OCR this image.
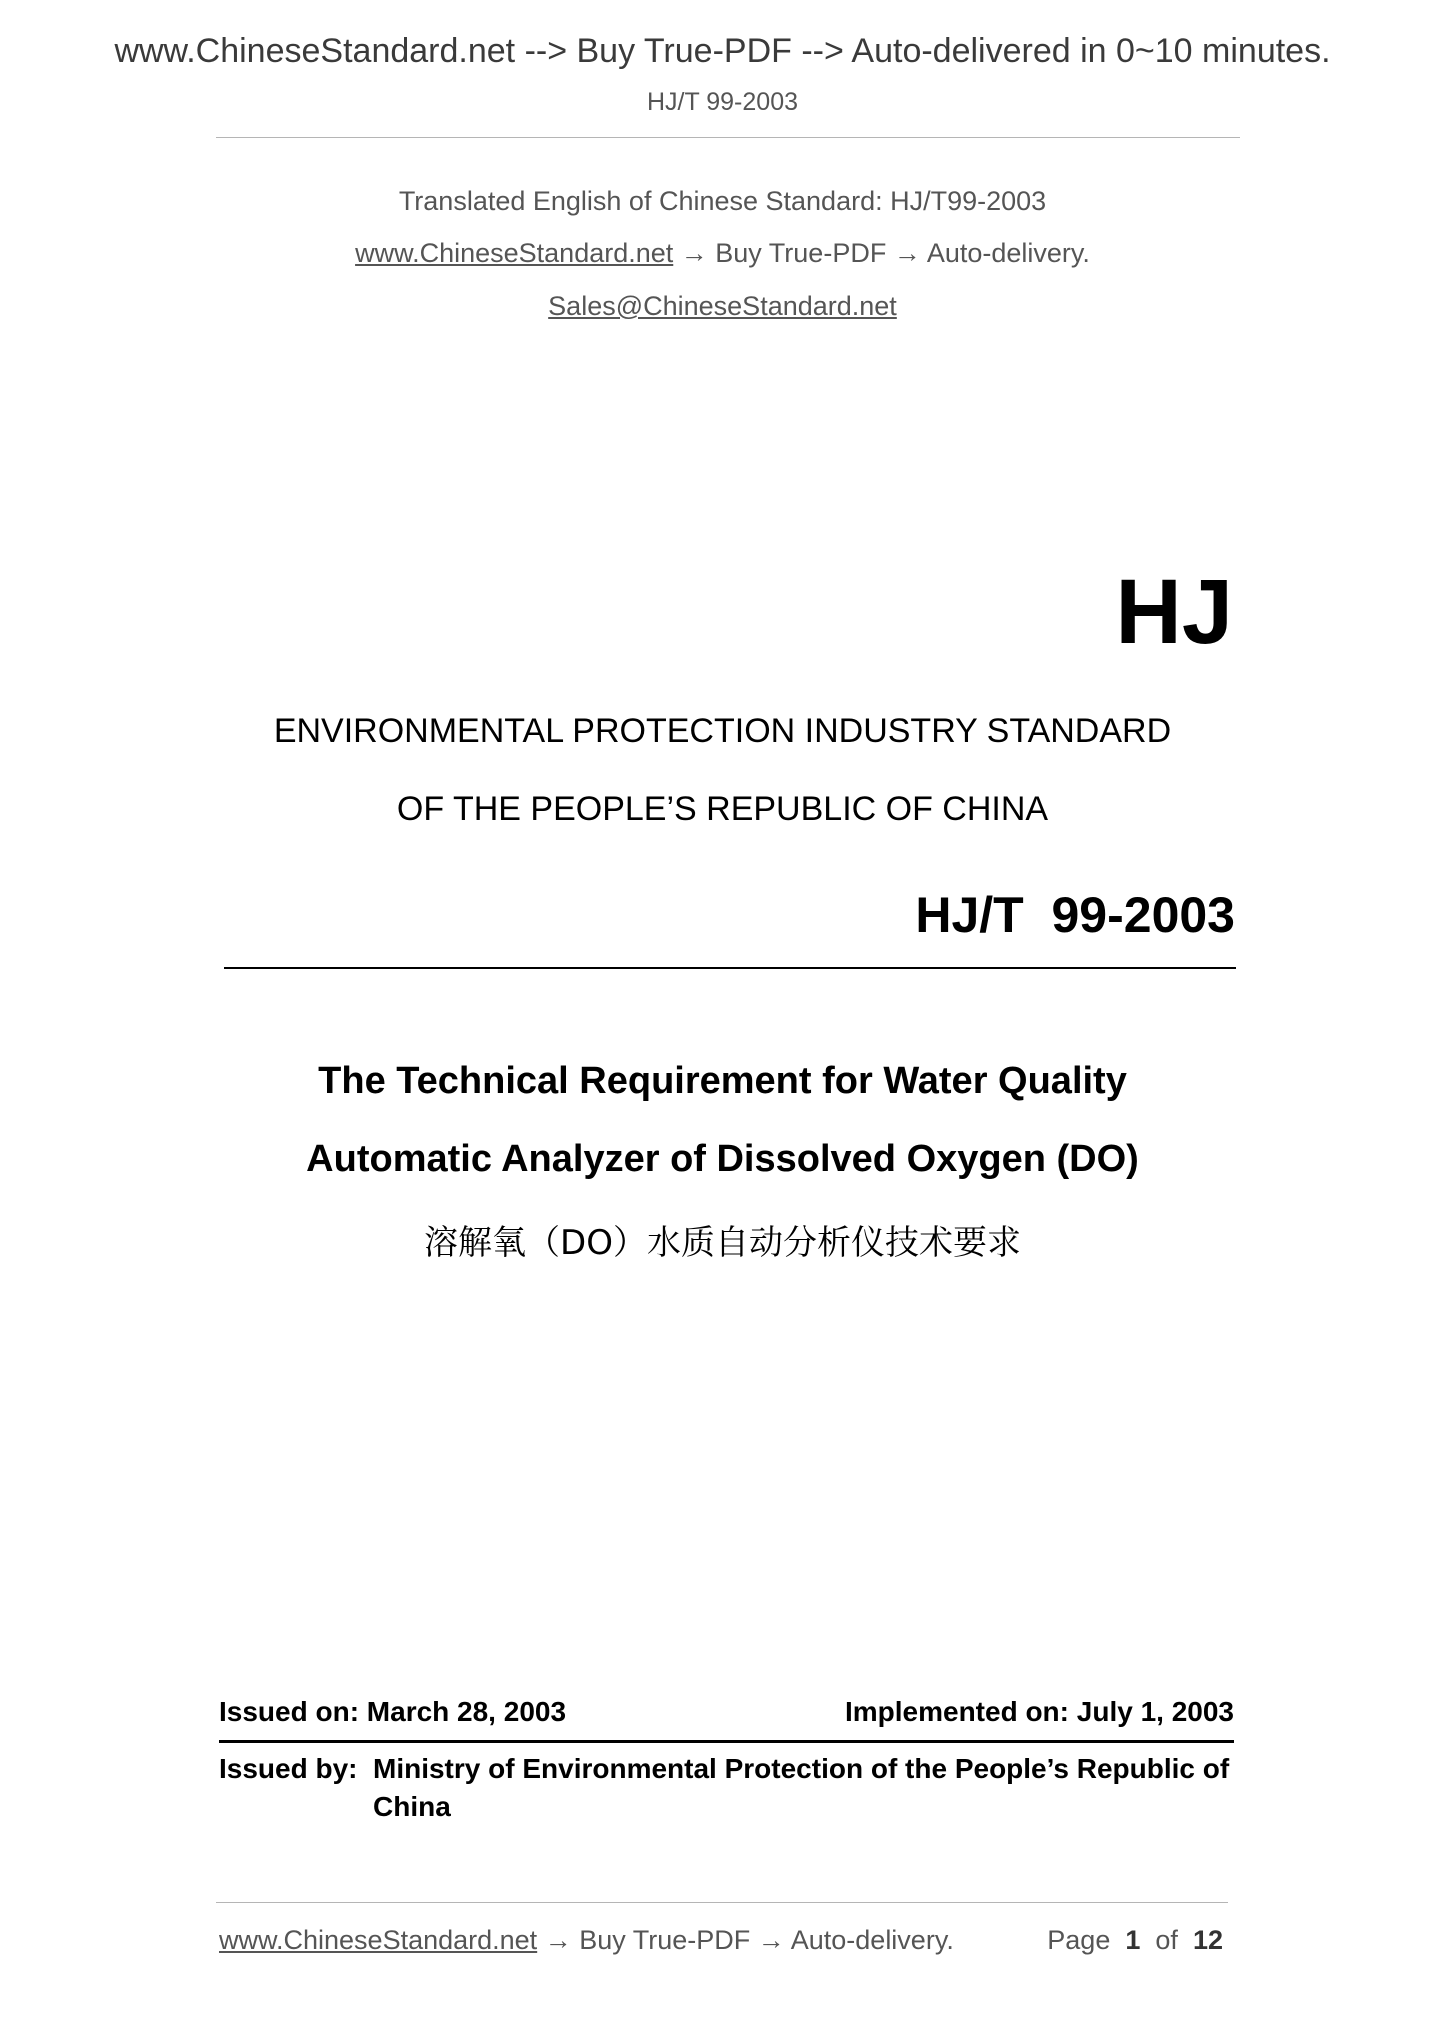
www.ChineseStandard.net --> Buy True-PDF --> Auto-delivered in 0~10 minutes.
HJ/T 99-2003
Translated English of Chinese Standard: HJ/T99-2003
www.ChineseStandard.net → Buy True-PDF → Auto-delivery.
Sales@ChineseStandard.net
HJ
ENVIRONMENTAL PROTECTION INDUSTRY STANDARD
OF THE PEOPLE’S REPUBLIC OF CHINA
HJ/T  99-2003
The Technical Requirement for Water Quality
Automatic Analyzer of Dissolved Oxygen (DO)
溶解氧（DO）水质自动分析仪技术要求
Issued on: March 28, 2003	Implemented on: July 1, 2003
Issued by: Ministry of Environmental Protection of the People’s Republic of China
www.ChineseStandard.net → Buy True-PDF → Auto-delivery.	Page 1 of 12
